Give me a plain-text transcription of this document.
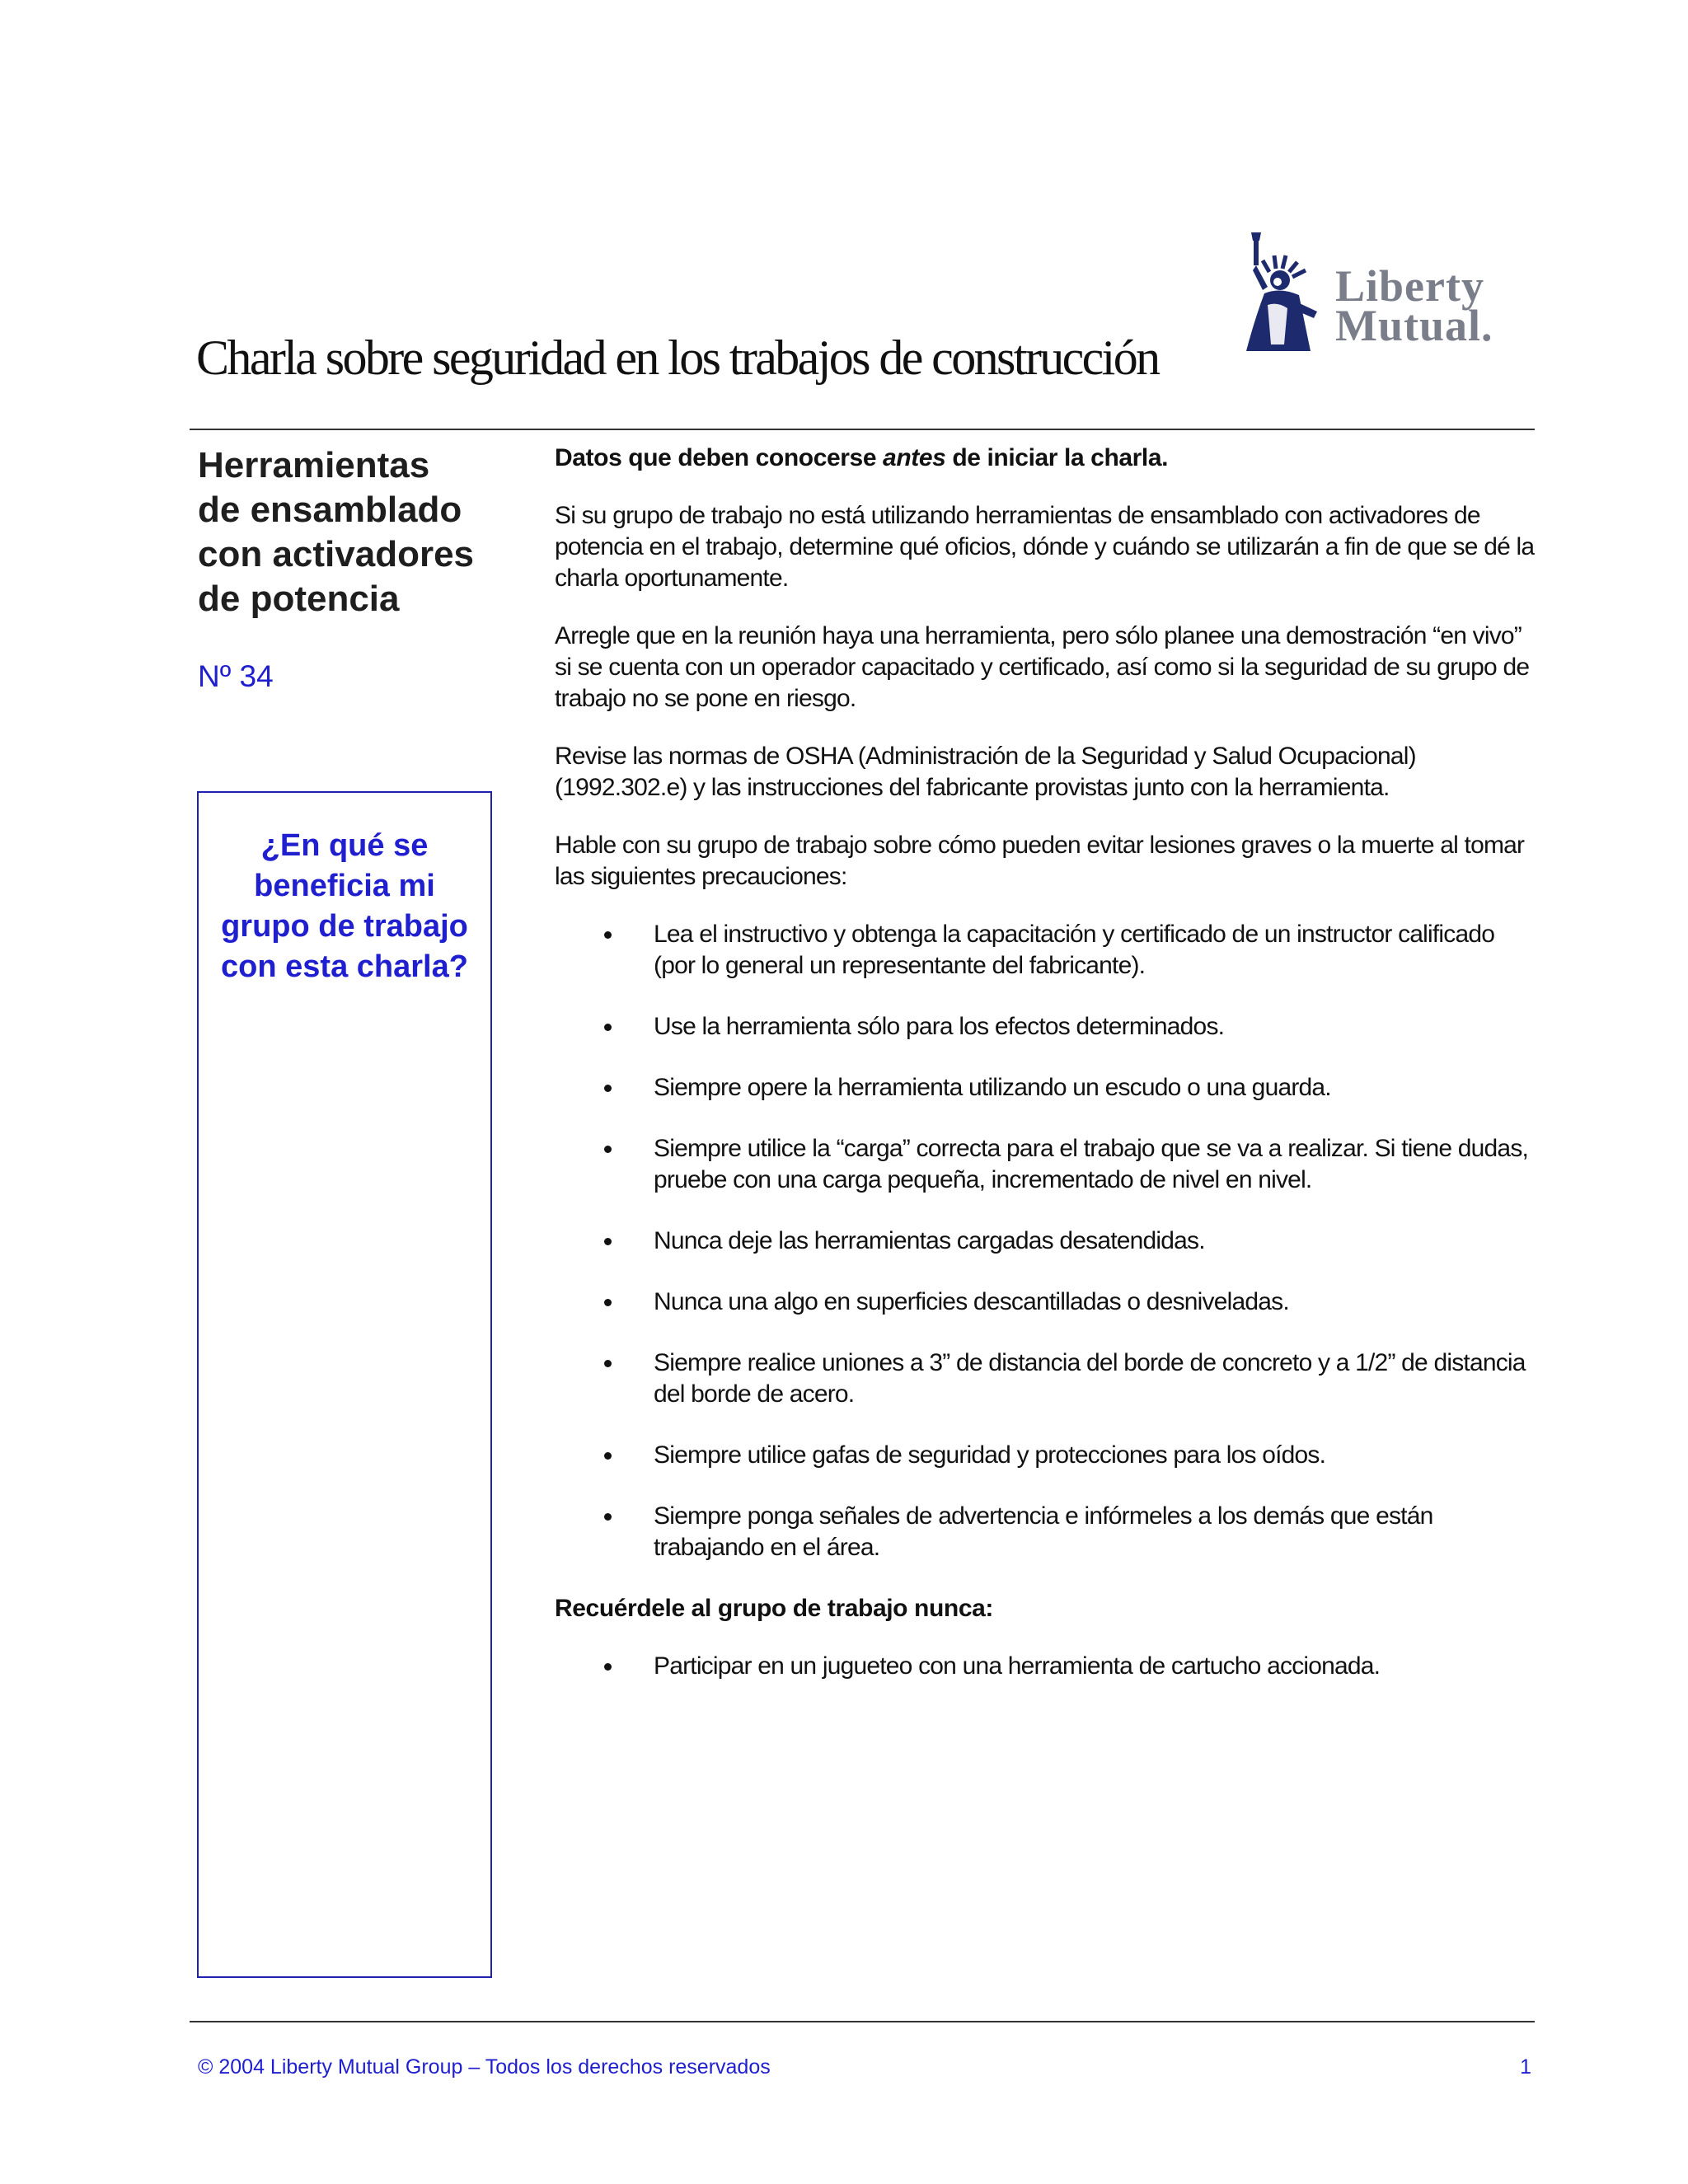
Liberty
Mutual.
Charla sobre seguridad en los trabajos de construcción
Herramientas
de ensamblado
con activadores
de potencia
Nº 34
¿En qué se
beneficia mi
grupo de trabajo
con esta charla?

Datos que deben conocerse antes de iniciar la charla.

Si su grupo de trabajo no está utilizando herramientas de ensamblado con activadores de potencia en el trabajo, determine qué oficios, dónde y cuándo se utilizarán a fin de que se dé la charla oportunamente.

Arregle que en la reunión haya una herramienta, pero sólo planee una demostración “en vivo” si se cuenta con un operador capacitado y certificado, así como si la seguridad de su grupo de trabajo no se pone en riesgo.

Revise las normas de OSHA (Administración de la Seguridad y Salud Ocupacional) (1992.302.e) y las instrucciones del fabricante provistas junto con la herramienta.

Hable con su grupo de trabajo sobre cómo pueden evitar lesiones graves o la muerte al tomar las siguientes precauciones:

Lea el instructivo y obtenga la capacitación y certificado de un instructor calificado (por lo general un representante del fabricante).
Use la herramienta sólo para los efectos determinados.
Siempre opere la herramienta utilizando un escudo o una guarda.
Siempre utilice la “carga” correcta para el trabajo que se va a realizar. Si tiene dudas, pruebe con una carga pequeña, incrementado de nivel en nivel.
Nunca deje las herramientas cargadas desatendidas.
Nunca una algo en superficies descantilladas o desniveladas.
Siempre realice uniones a 3” de distancia del borde de concreto y a 1/2” de distancia del borde de acero.
Siempre utilice gafas de seguridad y protecciones para los oídos.
Siempre ponga señales de advertencia e infórmeles a los demás que están trabajando en el área.

Recuérdele al grupo de trabajo nunca:

Participar en un jugueteo con una herramienta de cartucho accionada.
© 2004 Liberty Mutual Group – Todos los derechos reservados	1
